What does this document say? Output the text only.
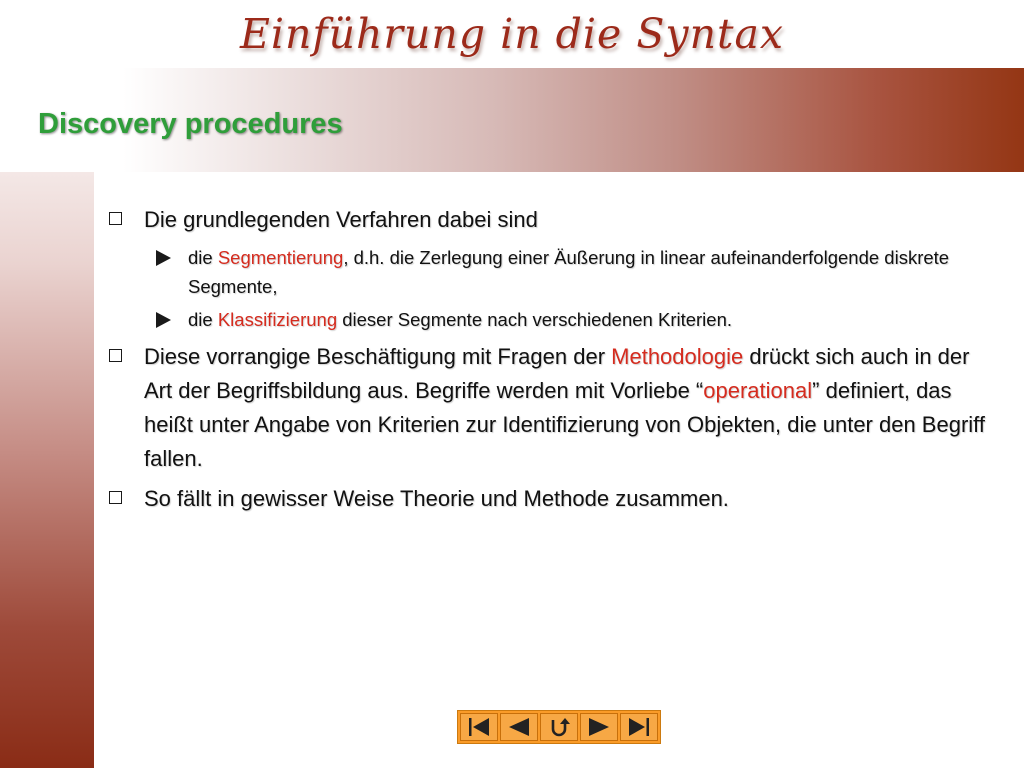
Einführung in die Syntax
Discovery procedures
Die grundlegenden Verfahren dabei sind
die Segmentierung, d.h. die Zerlegung einer Äußerung in linear aufeinanderfolgende diskrete Segmente,
die Klassifizierung dieser Segmente nach verschiedenen Kriterien.
Diese vorrangige Beschäftigung mit Fragen der Methodologie drückt sich auch in der Art der Begriffsbildung aus. Begriffe werden mit Vorliebe “operational” definiert, das heißt unter Angabe von Kriterien zur Identifizierung von Objekten, die unter den Begriff fallen.
So fällt in gewisser Weise Theorie und Methode zusammen.
